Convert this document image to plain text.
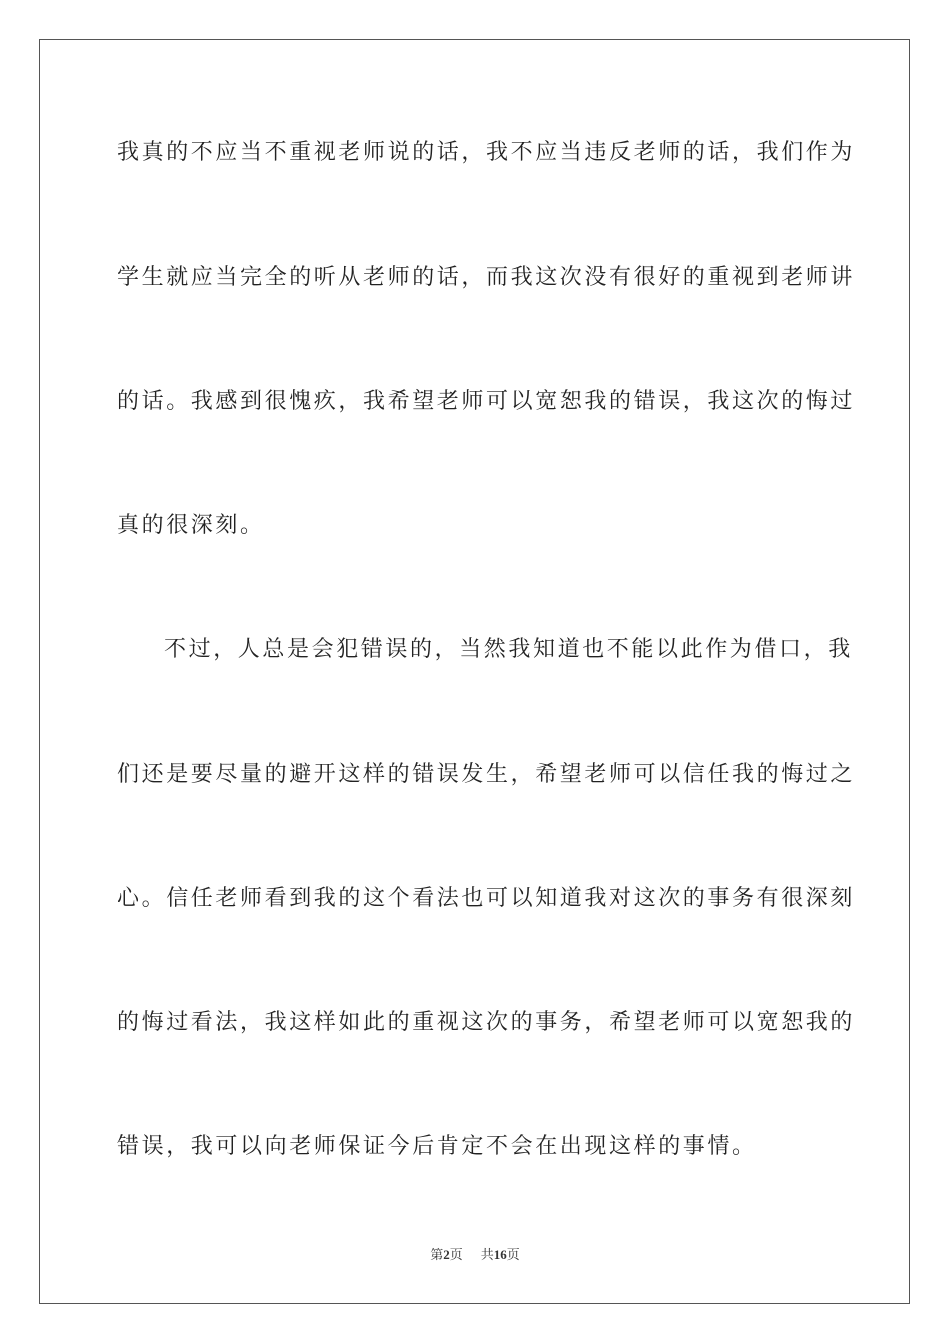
我真的不应当不重视老师说的话，我不应当违反老师的话，我们作为
学生就应当完全的听从老师的话，而我这次没有很好的重视到老师讲
的话。我感到很愧疚，我希望老师可以宽恕我的错误，我这次的悔过
真的很深刻。
不过，人总是会犯错误的，当然我知道也不能以此作为借口，我
们还是要尽量的避开这样的错误发生，希望老师可以信任我的悔过之
心。信任老师看到我的这个看法也可以知道我对这次的事务有很深刻
的悔过看法，我这样如此的重视这次的事务，希望老师可以宽恕我的
错误，我可以向老师保证今后肯定不会在出现这样的事情。
第2页 共16页
